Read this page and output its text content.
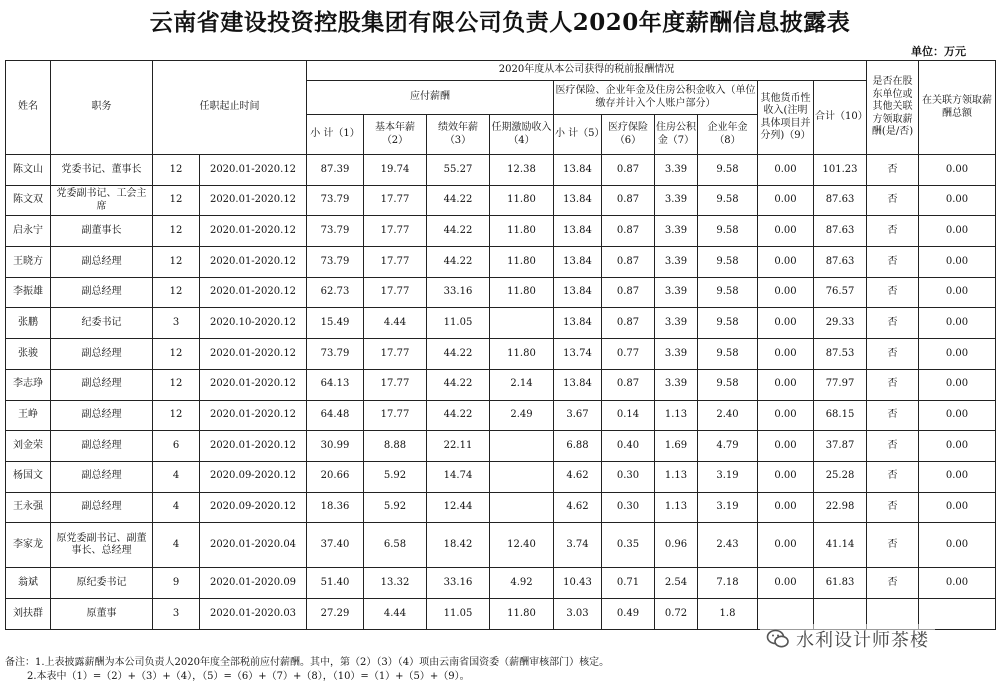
云南省建设投资控股集团有限公司负责人2020年度薪酬信息披露表
单位：万元
姓名	职务	任职起止时间		2020年度从本公司获得的税前报酬情况										是否在股东单位或其他关联方领取薪酬(是/否)	在关联方领取薪酬总额
				应付薪酬				医疗保险、企业年金及住房公积金收入（单位缴存并计入个人账户部分）				其他货币性收入(注明具体项目并分列)（9）	合计（10）		
				小 计（1）	基本年薪（2）	绩效年薪（3）	任期激励收入（4）	小 计（5）	医疗保险（6）	住房公积金（7）	企业年金（8）				
陈文山	党委书记、董事长	12	2020.01-2020.12	87.39	19.74	55.27	12.38	13.84	0.87	3.39	9.58	0.00	101.23	否	0.00
陈文双	党委副书记、工会主席	12	2020.01-2020.12	73.79	17.77	44.22	11.80	13.84	0.87	3.39	9.58	0.00	87.63	否	0.00
启永宁	副董事长	12	2020.01-2020.12	73.79	17.77	44.22	11.80	13.84	0.87	3.39	9.58	0.00	87.63	否	0.00
王晓方	副总经理	12	2020.01-2020.12	73.79	17.77	44.22	11.80	13.84	0.87	3.39	9.58	0.00	87.63	否	0.00
李振雄	副总经理	12	2020.01-2020.12	62.73	17.77	33.16	11.80	13.84	0.87	3.39	9.58	0.00	76.57	否	0.00
张鹏	纪委书记	3	2020.10-2020.12	15.49	4.44	11.05		13.84	0.87	3.39	9.58	0.00	29.33	否	0.00
张骏	副总经理	12	2020.01-2020.12	73.79	17.77	44.22	11.80	13.74	0.77	3.39	9.58	0.00	87.53	否	0.00
李志琤	副总经理	12	2020.01-2020.12	64.13	17.77	44.22	2.14	13.84	0.87	3.39	9.58	0.00	77.97	否	0.00
王峥	副总经理	12	2020.01-2020.12	64.48	17.77	44.22	2.49	3.67	0.14	1.13	2.40	0.00	68.15	否	0.00
刘金荣	副总经理	6	2020.01-2020.12	30.99	8.88	22.11		6.88	0.40	1.69	4.79	0.00	37.87	否	0.00
杨国文	副总经理	4	2020.09-2020.12	20.66	5.92	14.74		4.62	0.30	1.13	3.19	0.00	25.28	否	0.00
王永强	副总经理	4	2020.09-2020.12	18.36	5.92	12.44		4.62	0.30	1.13	3.19	0.00	22.98	否	0.00
李家龙	原党委副书记、副董事长、总经理	4	2020.01-2020.04	37.40	6.58	18.42	12.40	3.74	0.35	0.96	2.43	0.00	41.14	否	0.00
翁斌	原纪委书记	9	2020.01-2020.09	51.40	13.32	33.16	4.92	10.43	0.71	2.54	7.18	0.00	61.83	否	0.00
刘扶群	原董事	3	2020.01-2020.03	27.29	4.44	11.05	11.80	3.03	0.49	0.72	1.8				
备注：1.上表披露薪酬为本公司负责人2020年度全部税前应付薪酬。其中，第（2）（3）（4）项由云南省国资委（薪酬审核部门）核定。
2.本表中（1）=（2）+（3）+（4），（5）=（6）+（7）+（8），（10）=（1）+（5）+（9）。
水利设计师茶楼
